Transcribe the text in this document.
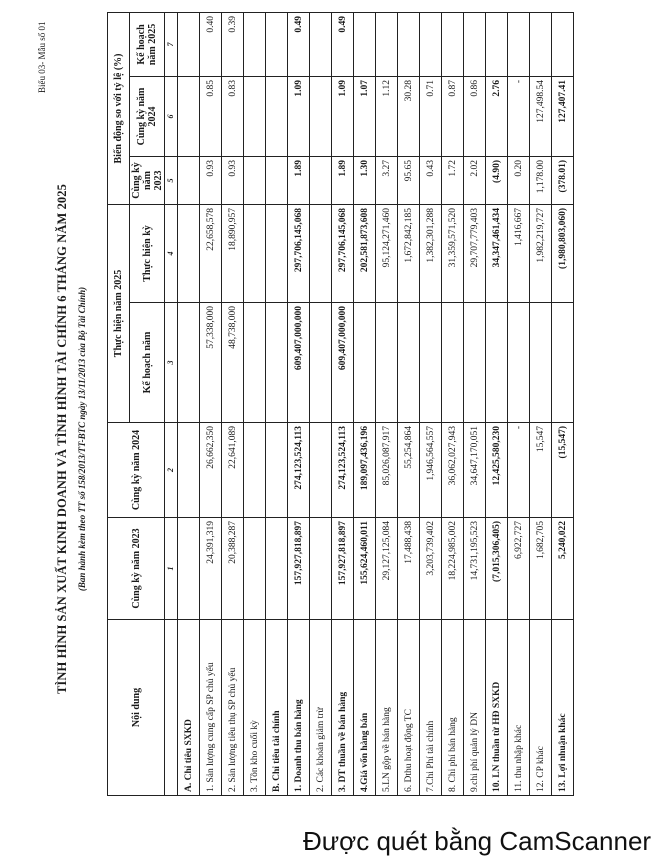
Biểu 03- Mẫu số 01
TÌNH HÌNH SẢN XUẤT KINH DOANH VÀ TÌNH HÌNH TÀI CHÍNH 6 THÁNG NĂM 2025 (Ban hành kèm theo TT số 158/2013/TT-BTC ngày 13/11/2013 của Bộ Tài Chính)
Nội dung	Cùng kỳ năm 2023	Cùng kỳ năm 2024	Thực hiện năm 2025		Biến động so với tỷ lệ (%)		
			Kế hoạch năm	Thực hiện kỳ	Cùng kỳ năm 2023	Cùng kỳ năm 2024	Kế hoạch năm 2025
	1	2	3	4	5	6	7
A. Chỉ tiêu SXKD							
1. Sản lượng cung cấp SP chủ yếu	24,391,319	26,662,350	57,338,000	22,658,578	0.93	0.85	0.40
2. Sản lượng tiêu thụ SP chủ yếu	20,388,287	22,641,089	48,738,000	18,890,957	0.93	0.83	0.39
3. Tồn kho cuối kỳ							
B. Chỉ tiêu tài chính							
1. Doanh thu bán hàng	157,927,818,897	274,123,524,113	609,407,000,000	297,706,145,068	1.89	1.09	0.49
2. Các khoản giảm trừ							
3. DT thuần về bán hàng	157,927,818,897	274,123,524,113	609,407,000,000	297,706,145,068	1.89	1.09	0.49
4.Giá vốn hàng bán	155,624,460,011	189,097,436,196		202,581,873,608	1.30	1.07	
5.LN gộp về bán hàng	29,127,125,084	85,026,087,917		95,124,271,460	3.27	1.12	
6. Dthu hoạt động TC	17,488,438	55,254,864		1,672,842,185	95.65	30.28	
7.Chi Phí tài chính	3,203,739,402	1,946,564,557		1,382,301,288	0.43	0.71	
8. Chi phí bán hàng	18,224,985,002	36,062,027,943		31,359,571,520	1.72	0.87	
9.chi phí quản lý DN	14,731,195,523	34,647,170,051		29,707,779,403	2.02	0.86	
10. LN thuần từ HĐ SXKD	(7,015,306,405)	12,425,580,230		34,347,461,434	(4.90)	2.76	
11. thu nhập khác	6,922,727	-		1,416,667	0.20	-	
12. CP khác	1,682,705	15,547		1,982,219,727	1,178.00	127,498.54	
13. Lợi nhuận khác	5,240,022	(15,547)		(1,980,803,060)	(378.01)	127,407.41	
Được quét bằng CamScanner
